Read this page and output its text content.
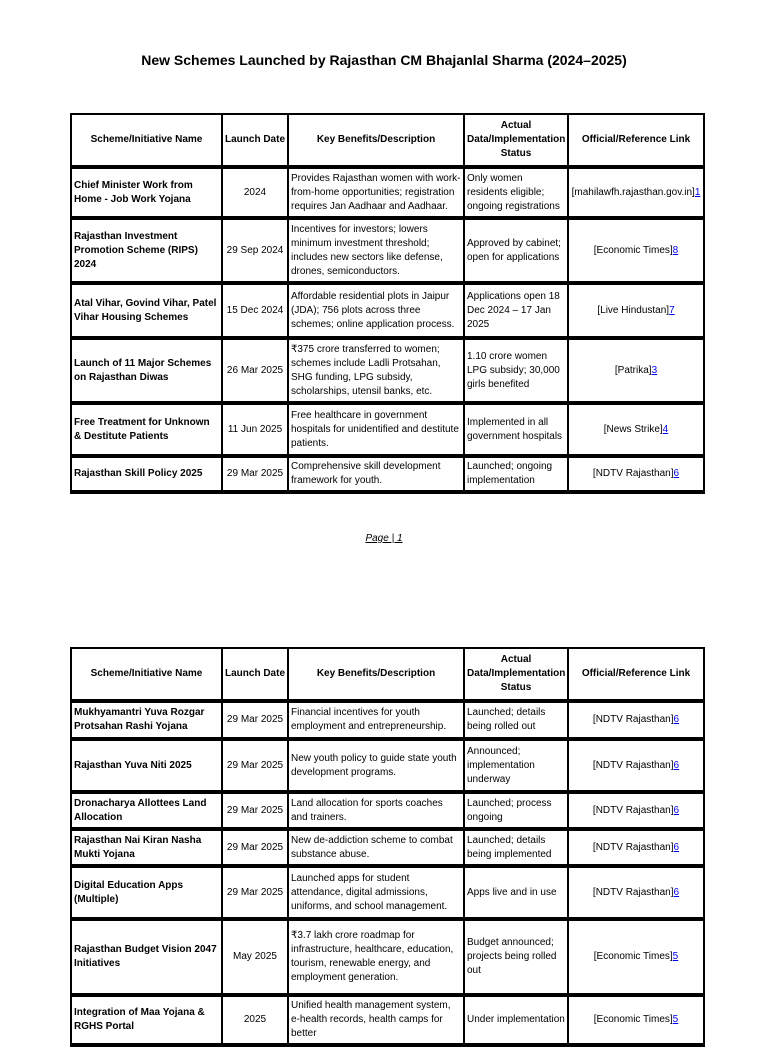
New Schemes Launched by Rajasthan CM Bhajanlal Sharma (2024–2025)
Scheme/Initiative Name	Launch Date	Key Benefits/Description	Actual Data/Implementation Status	Official/Reference Link
Chief Minister Work from Home - Job Work Yojana	2024	Provides Rajasthan women with work-from-home opportunities; registration requires Jan Aadhaar and Aadhaar.	Only women residents eligible; ongoing registrations	[mahilawfh.rajasthan.gov.in]1
Rajasthan Investment Promotion Scheme (RIPS) 2024	29 Sep 2024	Incentives for investors; lowers minimum investment threshold; includes new sectors like defense, drones, semiconductors.	Approved by cabinet; open for applications	[Economic Times]8
Atal Vihar, Govind Vihar, Patel Vihar Housing Schemes	15 Dec 2024	Affordable residential plots in Jaipur (JDA); 756 plots across three schemes; online application process.	Applications open 18 Dec 2024 – 17 Jan 2025	[Live Hindustan]7
Launch of 11 Major Schemes on Rajasthan Diwas	26 Mar 2025	₹375 crore transferred to women; schemes include Ladli Protsahan, SHG funding, LPG subsidy, scholarships, utensil banks, etc.	1.10 crore women LPG subsidy; 30,000 girls benefited	[Patrika]3
Free Treatment for Unknown & Destitute Patients	11 Jun 2025	Free healthcare in government hospitals for unidentified and destitute patients.	Implemented in all government hospitals	[News Strike]4
Rajasthan Skill Policy 2025	29 Mar 2025	Comprehensive skill development framework for youth.	Launched; ongoing implementation	[NDTV Rajasthan]6
Page | 1
Scheme/Initiative Name	Launch Date	Key Benefits/Description	Actual Data/Implementation Status	Official/Reference Link
Mukhyamantri Yuva Rozgar Protsahan Rashi Yojana	29 Mar 2025	Financial incentives for youth employment and entrepreneurship.	Launched; details being rolled out	[NDTV Rajasthan]6
Rajasthan Yuva Niti 2025	29 Mar 2025	New youth policy to guide state youth development programs.	Announced; implementation underway	[NDTV Rajasthan]6
Dronacharya Allottees Land Allocation	29 Mar 2025	Land allocation for sports coaches and trainers.	Launched; process ongoing	[NDTV Rajasthan]6
Rajasthan Nai Kiran Nasha Mukti Yojana	29 Mar 2025	New de-addiction scheme to combat substance abuse.	Launched; details being implemented	[NDTV Rajasthan]6
Digital Education Apps (Multiple)	29 Mar 2025	Launched apps for student attendance, digital admissions, uniforms, and school management.	Apps live and in use	[NDTV Rajasthan]6
Rajasthan Budget Vision 2047 Initiatives	May 2025	₹3.7 lakh crore roadmap for infrastructure, healthcare, education, tourism, renewable energy, and employment generation.	Budget announced; projects being rolled out	[Economic Times]5
Integration of Maa Yojana & RGHS Portal	2025	Unified health management system, e-health records, health camps for better	Under implementation	[Economic Times]5
